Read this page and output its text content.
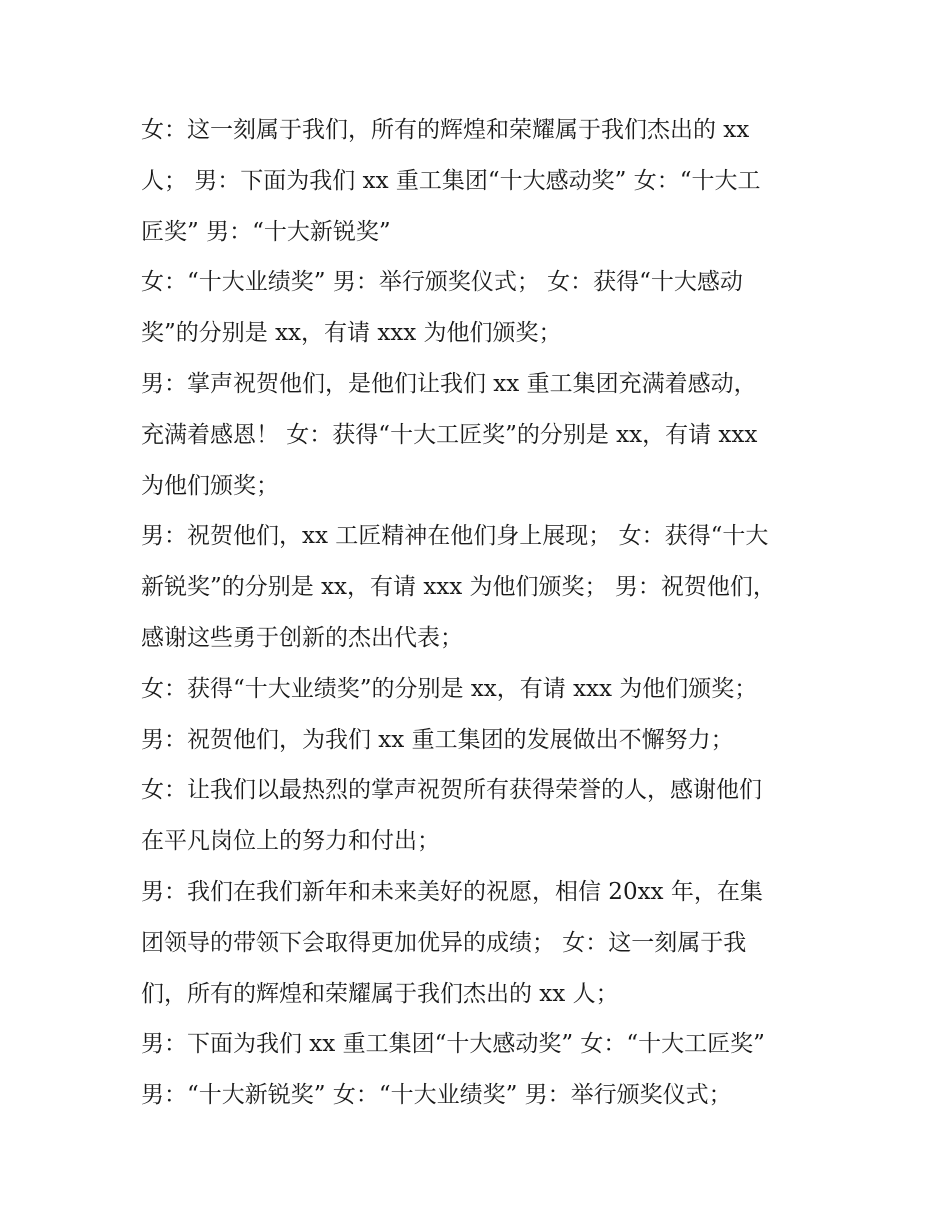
女：这一刻属于我们，所有的辉煌和荣耀属于我们杰出的 xx
人； 男：下面为我们 xx 重工集团“十大感动奖” 女：“十大工
匠奖” 男：“十大新锐奖”
女：“十大业绩奖” 男：举行颁奖仪式； 女：获得“十大感动
奖”的分别是 xx，有请 xxx 为他们颁奖；
男：掌声祝贺他们，是他们让我们 xx 重工集团充满着感动，
充满着感恩！ 女：获得“十大工匠奖”的分别是 xx，有请 xxx
为他们颁奖；
男：祝贺他们，xx 工匠精神在他们身上展现； 女：获得“十大
新锐奖”的分别是 xx，有请 xxx 为他们颁奖； 男：祝贺他们，
感谢这些勇于创新的杰出代表；
女：获得“十大业绩奖”的分别是 xx，有请 xxx 为他们颁奖；
男：祝贺他们，为我们 xx 重工集团的发展做出不懈努力；
女：让我们以最热烈的掌声祝贺所有获得荣誉的人，感谢他们
在平凡岗位上的努力和付出；
男：我们在我们新年和未来美好的祝愿，相信 20xx 年，在集
团领导的带领下会取得更加优异的成绩； 女：这一刻属于我
们，所有的辉煌和荣耀属于我们杰出的 xx 人；
男：下面为我们 xx 重工集团“十大感动奖” 女：“十大工匠奖”
男：“十大新锐奖” 女：“十大业绩奖” 男：举行颁奖仪式；
